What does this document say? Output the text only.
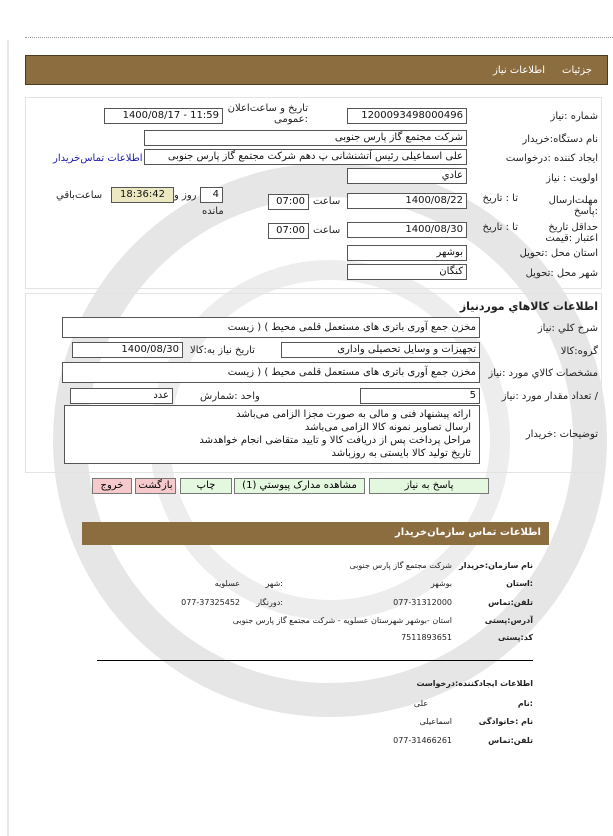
جزئیات
اطلاعات نیاز
شماره :نیاز
1200093498000496
تاریخ و ساعت‌اعلان :عمومی
1400/08/17 - 11:59
نام دستگاه:خریدار
شرکت مجتمع گاز پارس جنوبی
ایجاد کننده :درخواست
علی اسماعیلی رئیس آتشنشانی پ دهم شرکت مجتمع گاز پارس جنوبی
اطلاعات تماس‌خریدار
اولویت : نیاز
عادي
مهلت‌ارسال :پاسخ
تا : تاریخ
1400/08/22
ساعت
07:00
4
روز و
18:36:42
ساعت‌باقي
مانده
حداقل تاریخ اعتبار :قیمت
تا : تاریخ
1400/08/30
ساعت
07:00
استان محل :تحویل
بوشهر
شهر محل :تحویل
کنگان
اطلاعات کالاهاي موردنیاز
شرح کلي :نیاز
مخزن جمع آوری باتری های مستعمل قلمی محیط ) ( زیست
گروه:کالا
تجهیزات و وسایل تحصیلی واداری
تاریخ نیاز به:کالا
1400/08/30
مشخصات کالاي مورد :نیاز
مخزن جمع آوری باتری های مستعمل قلمی محیط ) ( زیست
/ تعداد مقدار مورد :نیاز
5
واحد :شمارش
عدد
توضیحات :خریدار
ارائه پیشنهاد فنی و مالی به صورت مجزا الزامی می‌باشد
ارسال تصاویر نمونه کالا الزامی می‌باشد
مراحل پرداخت پس از دریافت کالا و تایید متقاضی انجام خواهدشد
تاریخ تولید کالا بایستی به روزباشد
پاسخ به نیاز
مشاهده مدارک پیوستي (1)
چاپ
بازگشت
خروج
اطلاعات تماس سازمان‌خریدار
نام سازمان:خریدار
شرکت مجتمع گاز پارس جنوبی
:استان
بوشهر
:شهر
عسلویه
تلفن:تماس
077-31312000
:دورنگار
077-37325452
آدرس:پستی
استان -بوشهر شهرستان عسلویه - شرکت مجتمع گاز پارس جنوبی
کد:پستی
7511893651
اطلاعات ایجادکننده:درخواست
:نام
علی
نام :خانوادگی
اسماعیلی
تلفن:تماس
077-31466261
